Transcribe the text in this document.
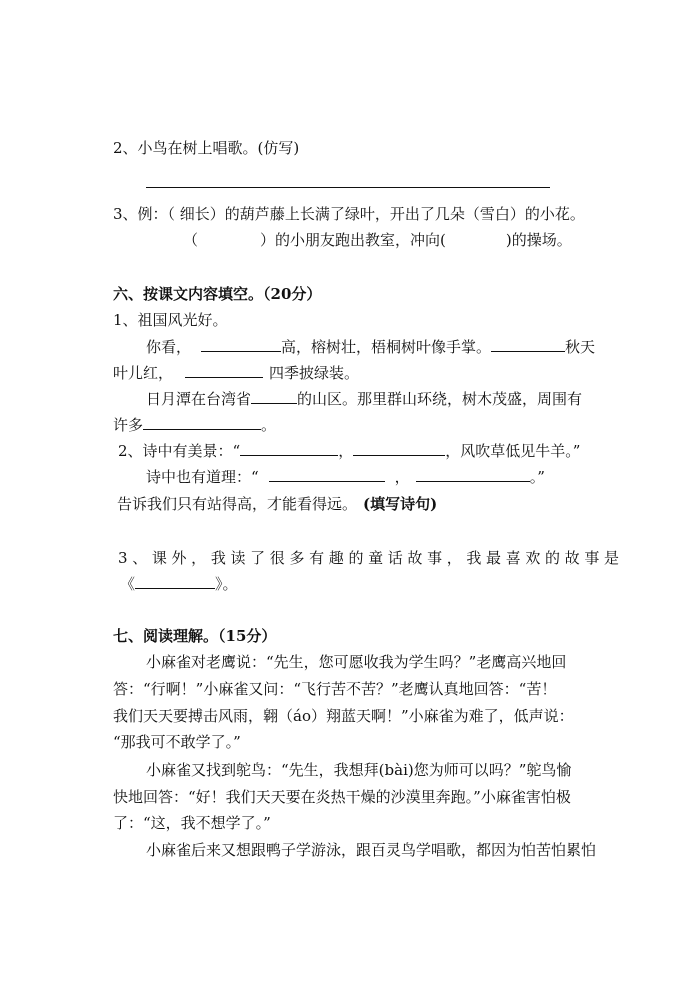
2、小鸟在树上唱歌。(仿写)
3、例：（ 细长）的葫芦藤上长满了绿叶，开出了几朵（雪白）的小花。
（	）的小朋友跑出教室，冲向(	)的操场。
六、按课文内容填空。（20分）
1、祖国风光好。
你看，	高，榕树壮，梧桐树叶像手掌。	秋天
叶儿红，	四季披绿装。
日月潭在台湾省	的山区。那里群山环绕，树木茂盛，周围有
许多	。
2、诗中有美景：“	，	，风吹草低见牛羊。”
诗中也有道理：“	，	。”
告诉我们只有站得高，才能看得远。 (填写诗句)
3、课外，我读了很多有趣的童话故事，我最喜欢的故事是
《	》。
七、阅读理解。（15分）
小麻雀对老鹰说：“先生，您可愿收我为学生吗？”老鹰高兴地回
答：“行啊！”小麻雀又问：“飞行苦不苦？”老鹰认真地回答：“苦！
我们天天要搏击风雨，翱（áo）翔蓝天啊！”小麻雀为难了，低声说：
“那我可不敢学了。”
小麻雀又找到鸵鸟：“先生，我想拜(bài)您为师可以吗？”鸵鸟愉
快地回答：“好！我们天天要在炎热干燥的沙漠里奔跑。”小麻雀害怕极
了：“这，我不想学了。”
小麻雀后来又想跟鸭子学游泳，跟百灵鸟学唱歌，都因为怕苦怕累怕
